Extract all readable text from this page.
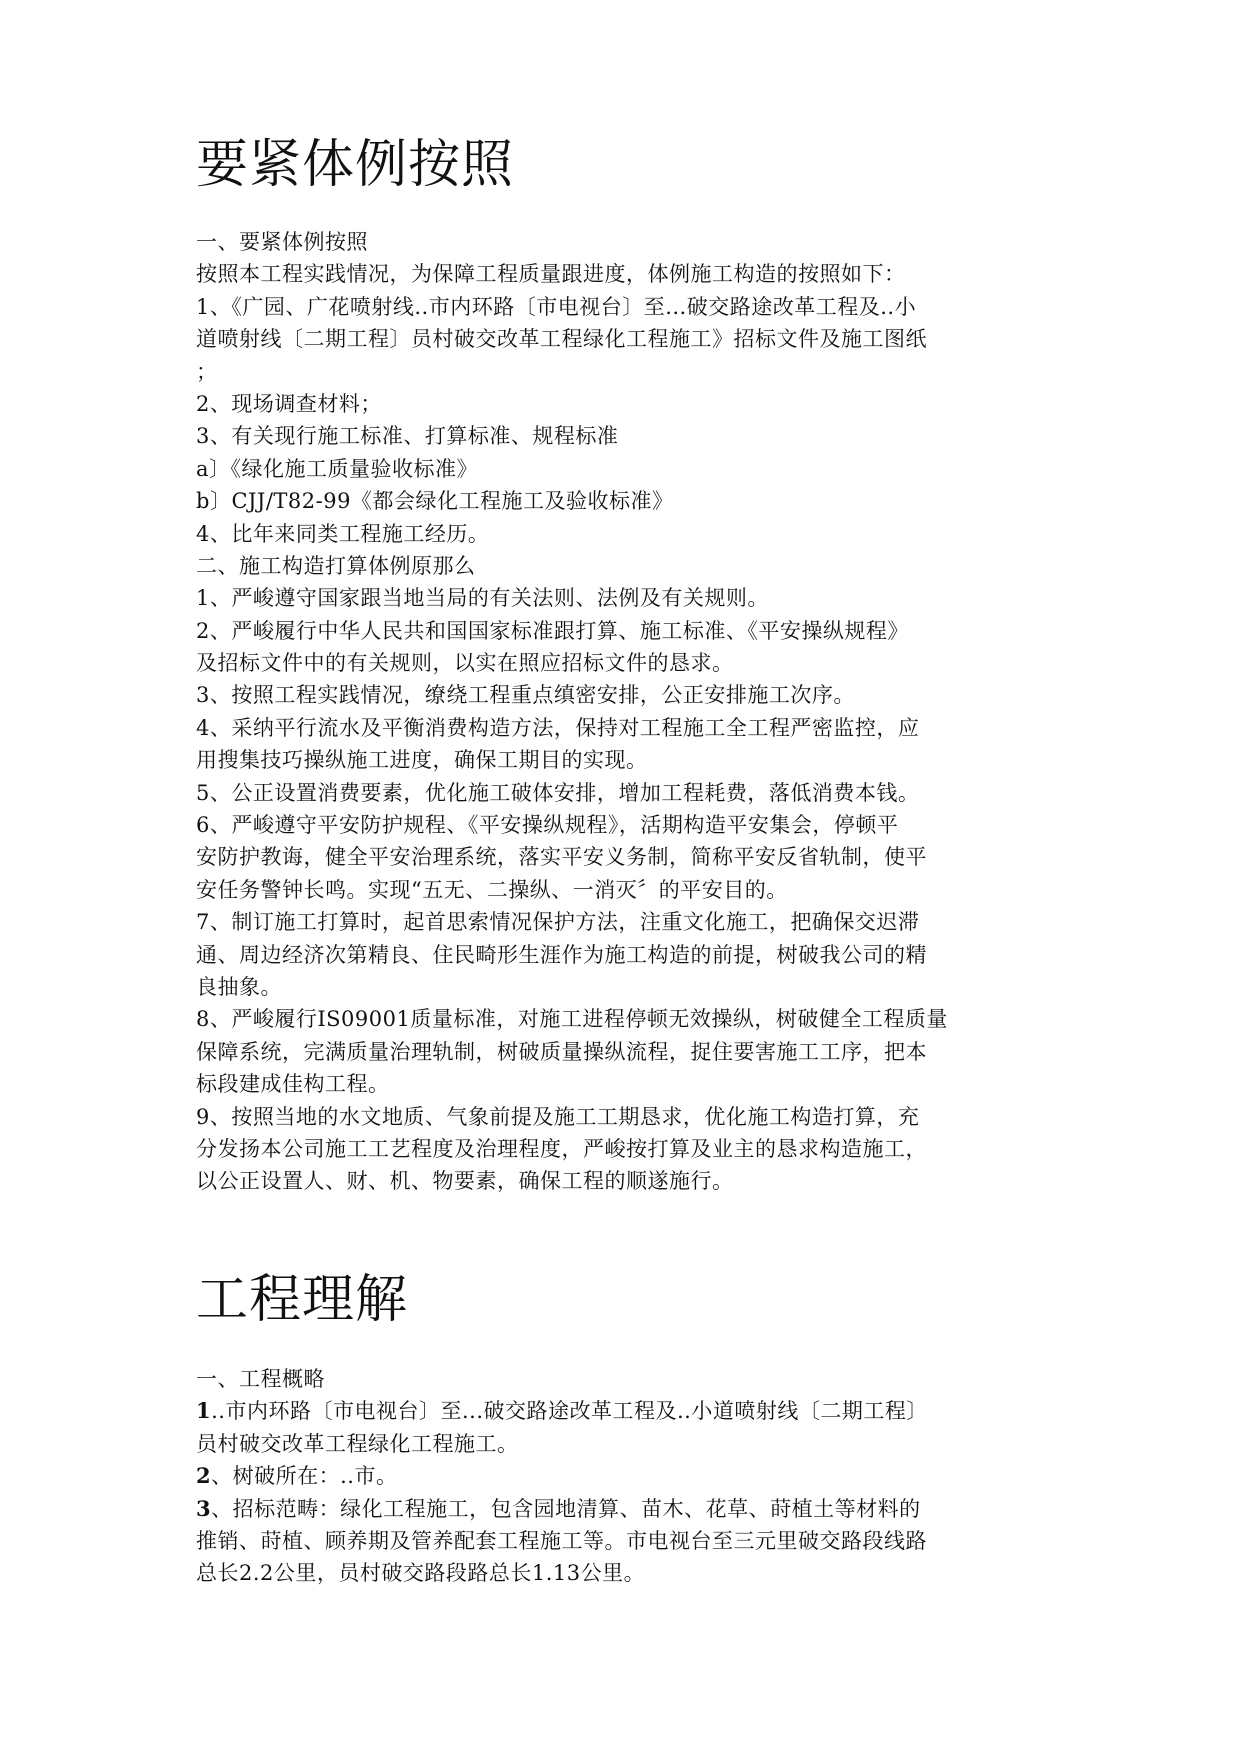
要紧体例按照
一、要紧体例按照
按照本工程实践情况，为保障工程质量跟进度，体例施工构造的按照如下：
1、《广园、广花喷射线..市内环路〔市电视台〕至...破交路途改革工程及..小
道喷射线〔二期工程〕员村破交改革工程绿化工程施工》招标文件及施工图纸
；
2、现场调查材料；
3、有关现行施工标准、打算标准、规程标准
a〕《绿化施工质量验收标准》
b〕CJJ/T82-99《都会绿化工程施工及验收标准》
4、比年来同类工程施工经历。
二、施工构造打算体例原那么
1、严峻遵守国家跟当地当局的有关法则、法例及有关规则。
2、严峻履行中华人民共和国国家标准跟打算、施工标准、《平安操纵规程》
及招标文件中的有关规则，以实在照应招标文件的恳求。
3、按照工程实践情况，缭绕工程重点缜密安排，公正安排施工次序。
4、采纳平行流水及平衡消费构造方法，保持对工程施工全工程严密监控，应
用搜集技巧操纵施工进度，确保工期目的实现。
5、公正设置消费要素，优化施工破体安排，增加工程耗费，落低消费本钱。
6、严峻遵守平安防护规程、《平安操纵规程》，活期构造平安集会，停顿平
安防护教诲，健全平安治理系统，落实平安义务制，简称平安反省轨制，使平
安任务警钟长鸣。实现“五无、二操纵、一消灭〞的平安目的。
7、制订施工打算时，起首思索情况保护方法，注重文化施工，把确保交迟滞
通、周边经济次第精良、住民畸形生涯作为施工构造的前提，树破我公司的精
良抽象。
8、严峻履行IS09001质量标准，对施工进程停顿无效操纵，树破健全工程质量
保障系统，完满质量治理轨制，树破质量操纵流程，捉住要害施工工序，把本
标段建成佳构工程。
9、按照当地的水文地质、气象前提及施工工期恳求，优化施工构造打算，充
分发扬本公司施工工艺程度及治理程度，严峻按打算及业主的恳求构造施工，
以公正设置人、财、机、物要素，确保工程的顺遂施行。
工程理解
一、工程概略
1..市内环路〔市电视台〕至...破交路途改革工程及..小道喷射线〔二期工程〕
员村破交改革工程绿化工程施工。
2、树破所在：..市。
3、招标范畴：绿化工程施工，包含园地清算、苗木、花草、莳植土等材料的
推销、莳植、顾养期及管养配套工程施工等。市电视台至三元里破交路段线路
总长2.2公里，员村破交路段路总长1.13公里。
